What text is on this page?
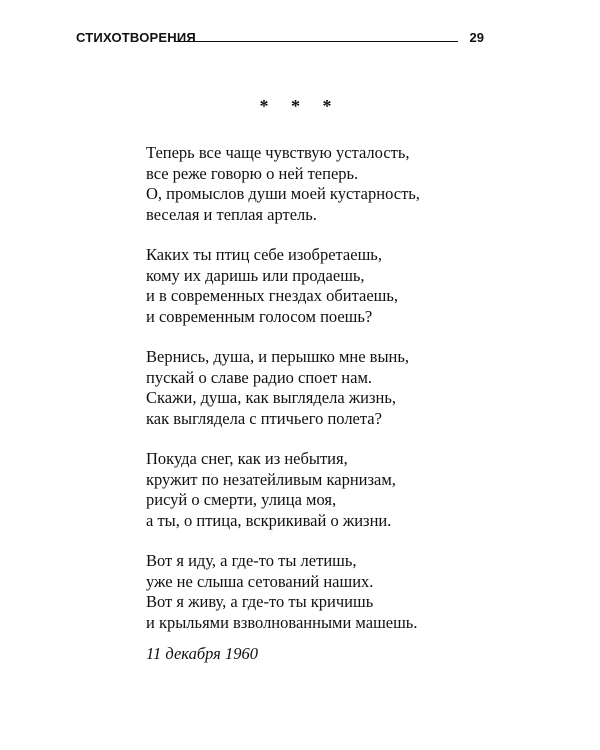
СТИХОТВОРЕНИЯ	29
* * *
Теперь все чаще чувствую усталость,
все реже говорю о ней теперь.
О, промыслов души моей кустарность,
веселая и теплая артель.
Каких ты птиц себе изобретаешь,
кому их даришь или продаешь,
и в современных гнездах обитаешь,
и современным голосом поешь?
Вернись, душа, и перышко мне вынь,
пускай о славе радио споет нам.
Скажи, душа, как выглядела жизнь,
как выглядела с птичьего полета?
Покуда снег, как из небытия,
кружит по незатейливым карнизам,
рисуй о смерти, улица моя,
а ты, о птица, вскрикивай о жизни.
Вот я иду, а где-то ты летишь,
уже не слыша сетований наших.
Вот я живу, а где-то ты кричишь
и крыльями взволнованными машешь.
11 декабря 1960
